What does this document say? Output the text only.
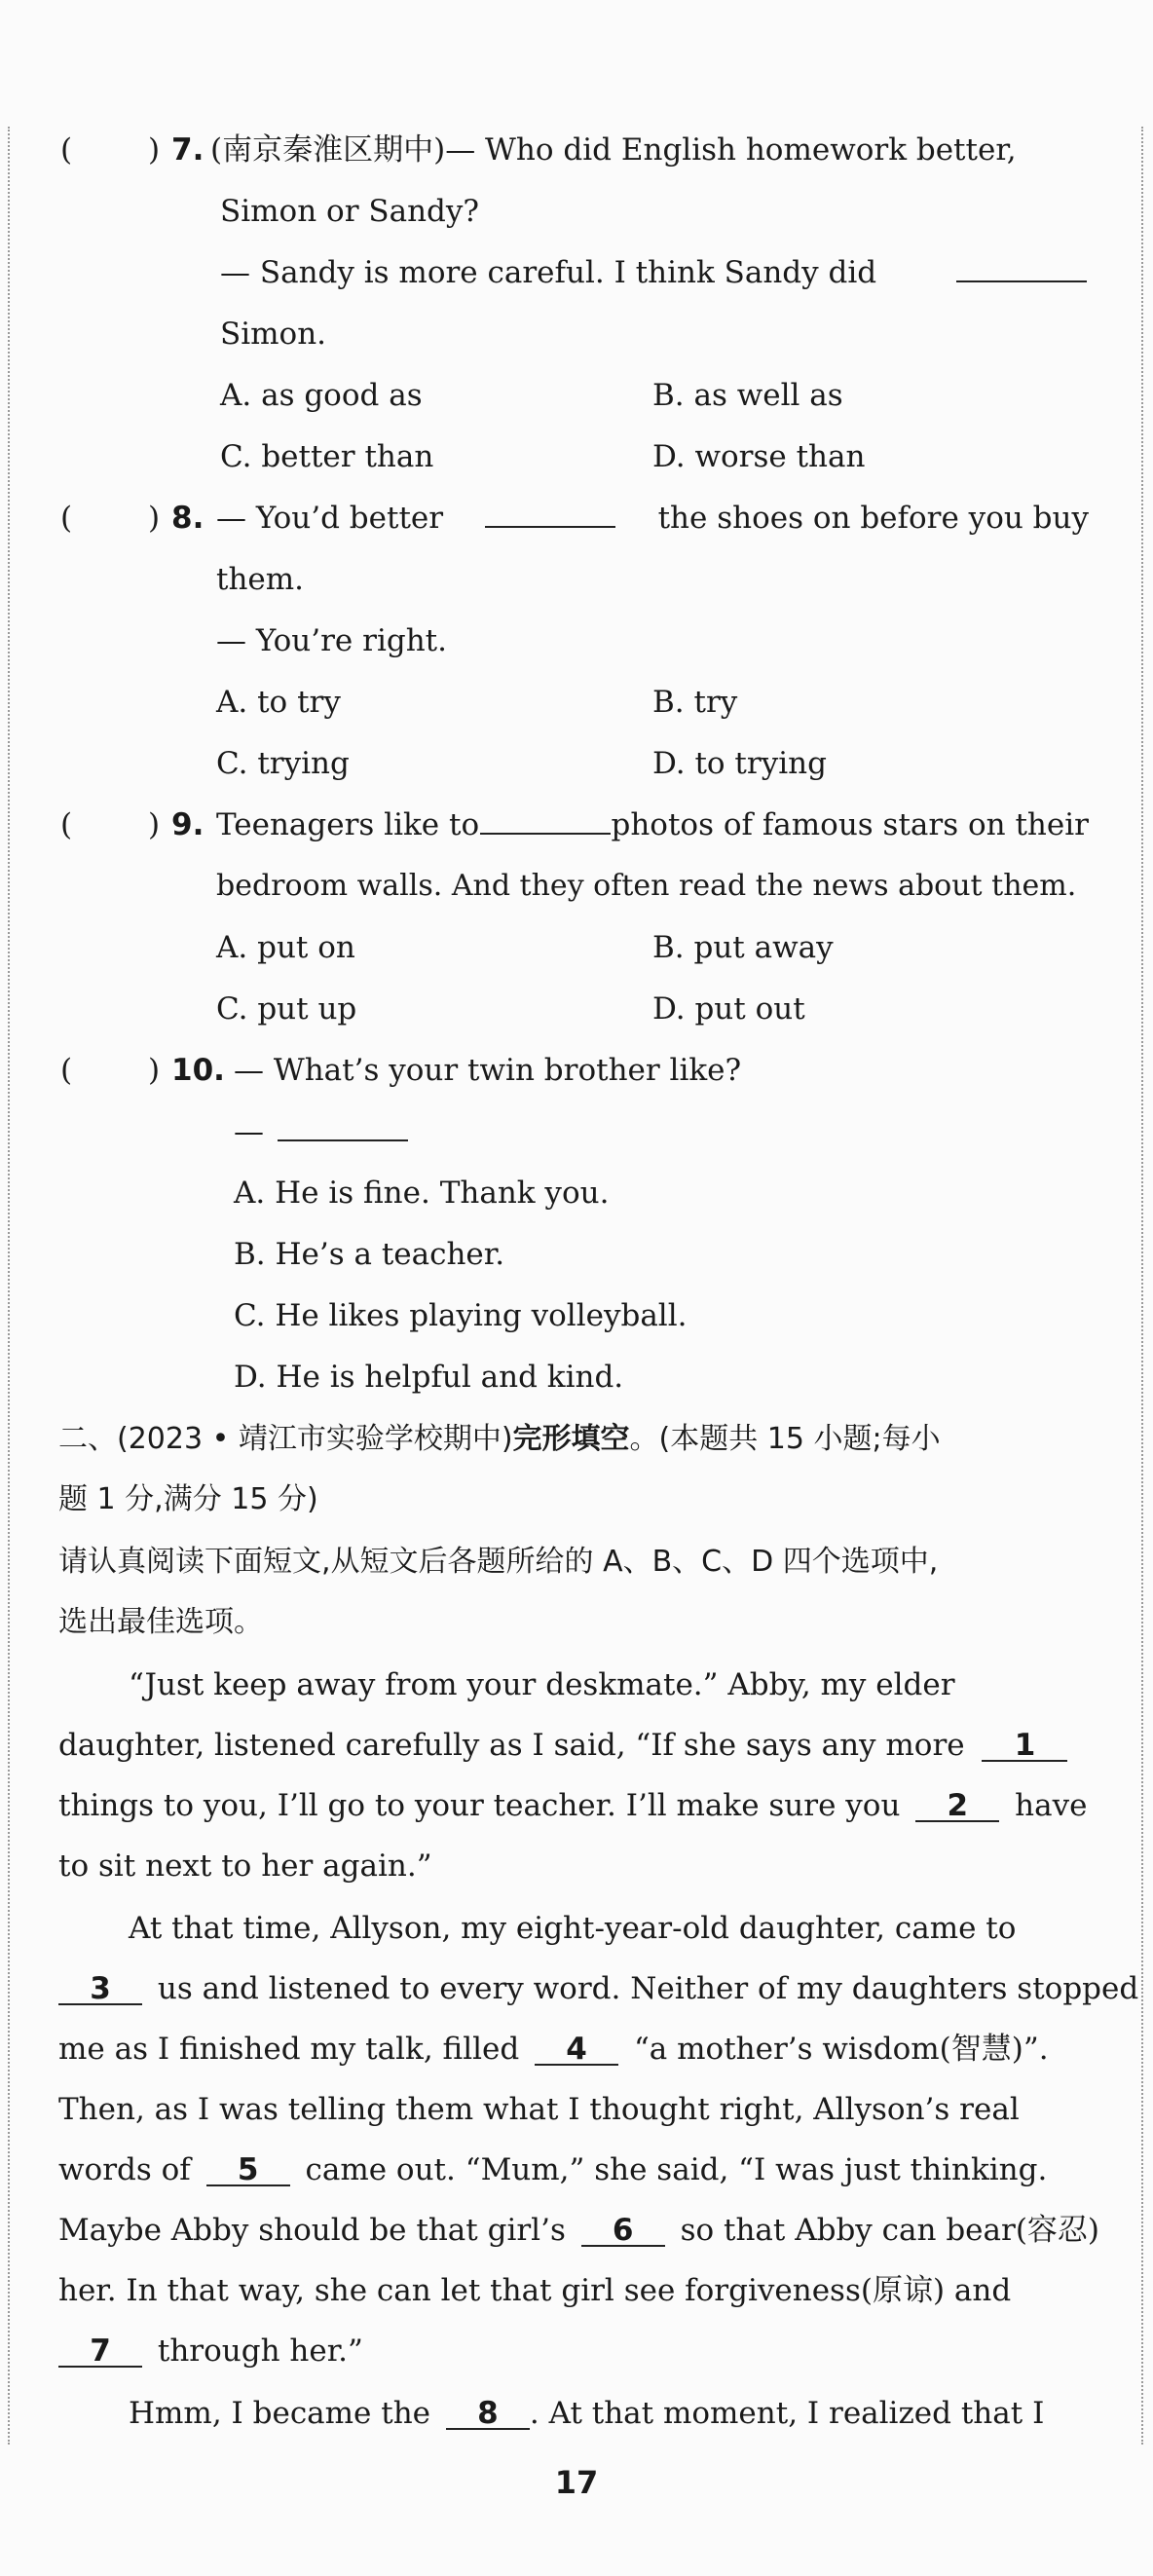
(	) 7. (南京秦淮区期中)— Who did English homework better,
Simon or Sandy?
— Sandy is more careful. I think Sandy did
Simon.
A. as good as	B. as well as
C. better than	D. worse than
(	) 8. — You’d better	the shoes on before you buy
them.
— You’re right.
A. to try	B. try
C. trying	D. to trying
(	) 9. Teenagers like to	photos of famous stars on their
bedroom walls. And they often read the news about them.
A. put on	B. put away
C. put up	D. put out
(	) 10. — What’s your twin brother like?
—
A. He is fine. Thank you.
B. He’s a teacher.
C. He likes playing volleyball.
D. He is helpful and kind.
二、(2023 • 靖江市实验学校期中)完形填空。(本题共 15 小题;每小
题 1 分,满分 15 分)
请认真阅读下面短文,从短文后各题所给的 A、B、C、D 四个选项中,
选出最佳选项。
“Just keep away from your deskmate.” Abby, my elder
daughter, listened carefully as I said, “If she says any more 1
things to you, I’ll go to your teacher. I’ll make sure you 2 have
to sit next to her again.”
At that time, Allyson, my eight-year-old daughter, came to
3 us and listened to every word. Neither of my daughters stopped
me as I finished my talk, filled 4 “a mother’s wisdom(智慧)”.
Then, as I was telling them what I thought right, Allyson’s real
words of 5 came out. “Mum,” she said, “I was just thinking.
Maybe Abby should be that girl’s 6 so that Abby can bear(容忍)
her. In that way, she can let that girl see forgiveness(原谅) and
7 through her.”
Hmm, I became the 8 . At that moment, I realized that I
17
